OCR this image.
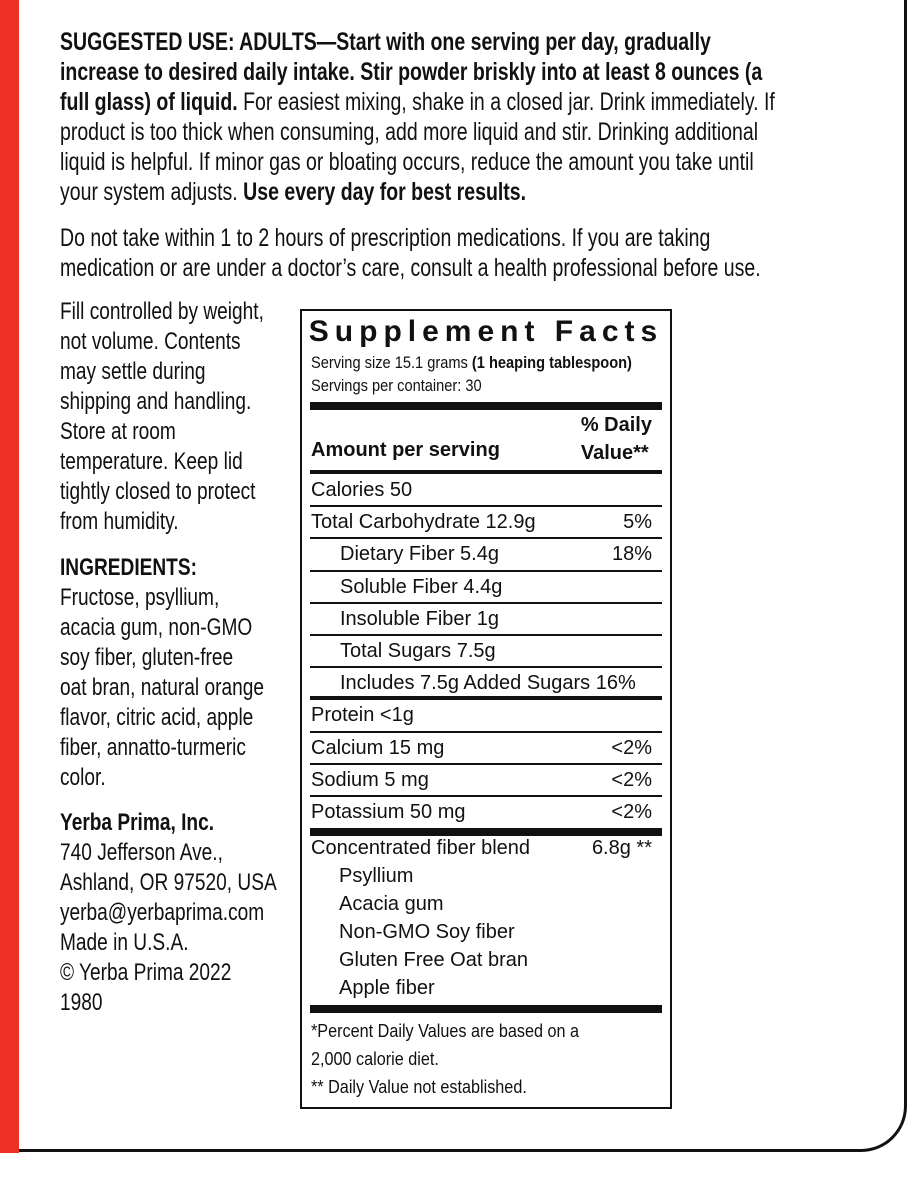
SUGGESTED USE: ADULTS—Start with one serving per day, gradually increase to desired daily intake. Stir powder briskly into at least 8 ounces (a full glass) of liquid. For easiest mixing, shake in a closed jar. Drink immediately. If product is too thick when consuming, add more liquid and stir. Drinking additional liquid is helpful. If minor gas or bloating occurs, reduce the amount you take until your system adjusts. Use every day for best results.
Do not take within 1 to 2 hours of prescription medications. If you are taking medication or are under a doctor’s care, consult a health professional before use.
Fill controlled by weight,
not volume. Contents
may settle during
shipping and handling.
Store at room
temperature. Keep lid
tightly closed to protect
from humidity.
INGREDIENTS:
Fructose, psyllium,
acacia gum, non-GMO
soy fiber, gluten-free
oat bran, natural orange
flavor, citric acid, apple
fiber, annatto-turmeric
color.
Yerba Prima, Inc.
740 Jefferson Ave.,
Ashland, OR 97520, USA
yerba@yerbaprima.com
Made in U.S.A.
© Yerba Prima 2022
1980
Supplement Facts
Serving size 15.1 grams (1 heaping tablespoon)
Servings per container: 30
Amount per serving
% Daily
Value**
Calories 50
Total Carbohydrate 12.9g	5%
Dietary Fiber 5.4g	18%
Soluble Fiber 4.4g
Insoluble Fiber 1g
Total Sugars 7.5g
Includes 7.5g Added Sugars 16%
Protein <1g
Calcium 15 mg	<2%
Sodium 5 mg	<2%
Potassium 50 mg	<2%
Concentrated fiber blend	6.8g **
Psyllium
Acacia gum
Non-GMO Soy fiber
Gluten Free Oat bran
Apple fiber
*Percent Daily Values are based on a
2,000 calorie diet.
** Daily Value not established.
